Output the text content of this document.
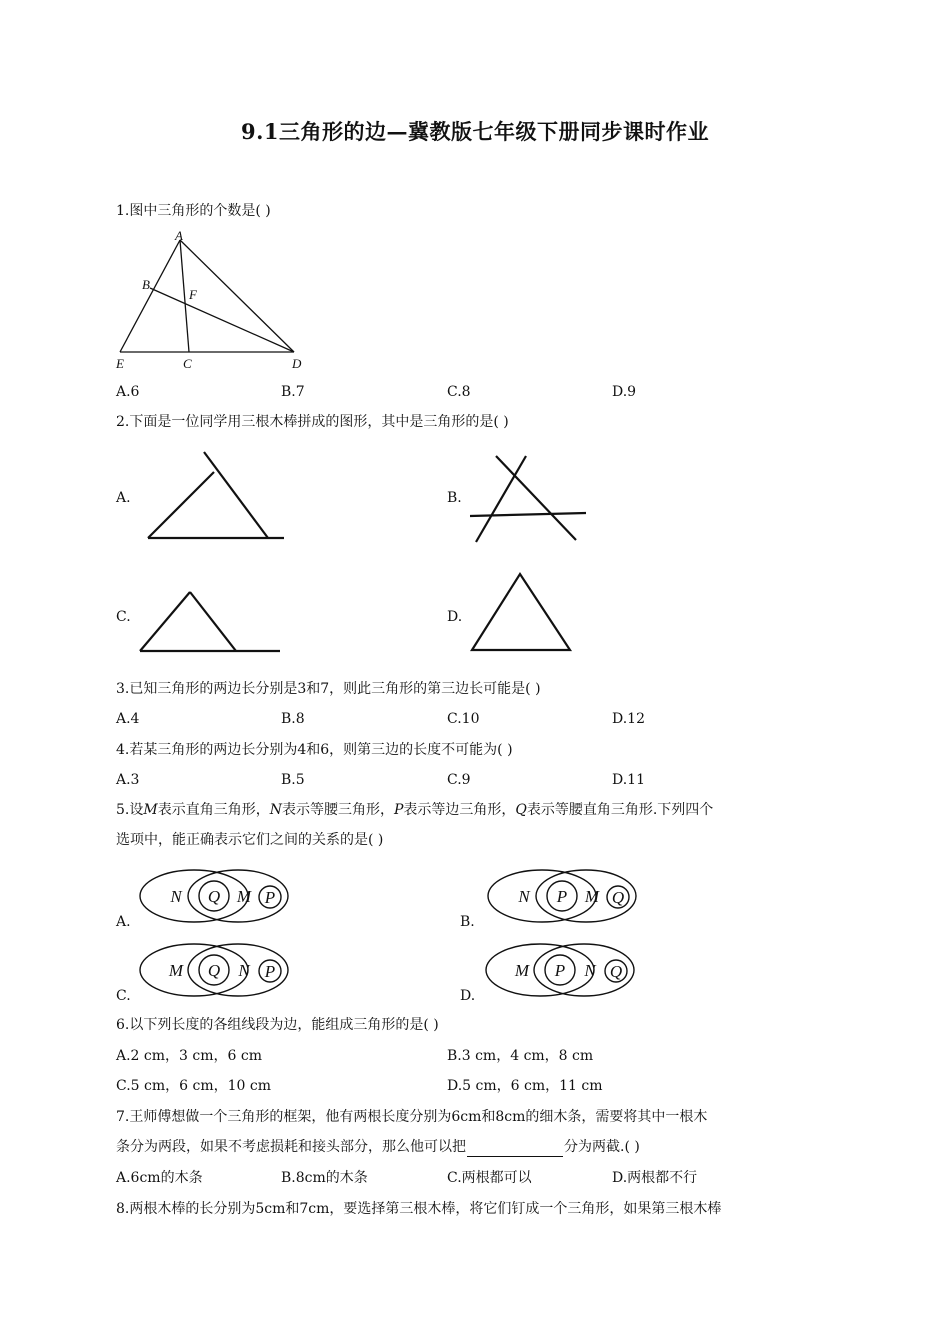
9.1三角形的边—冀教版七年级下册同步课时作业
1.图中三角形的个数是( )
A
B
F
E	C	D
A.6	B.7	C.8	D.9
2.下面是一位同学用三根木棒拼成的图形，其中是三角形的是( )
A.	B.
C.	D.
3.已知三角形的两边长分别是3和7，则此三角形的第三边长可能是( )
A.4	B.8	C.10	D.12
4.若某三角形的两边长分别为4和6，则第三边的长度不可能为( )
A.3	B.5	C.9	D.11
5.设M表示直角三角形，N表示等腰三角形，P表示等边三角形，Q表示等腰直角三角形.下列四个
选项中，能正确表示它们之间的关系的是( )
A.
N Q M P
B.
N P M Q
C.
M Q N P
D.
M P N Q
6.以下列长度的各组线段为边，能组成三角形的是( )
A.2 cm，3 cm，6 cm	B.3 cm，4 cm，8 cm
C.5 cm，6 cm，10 cm	D.5 cm，6 cm，11 cm
7.王师傅想做一个三角形的框架，他有两根长度分别为6cm和8cm的细木条，需要将其中一根木
条分为两段，如果不考虑损耗和接头部分，那么他可以把	分为两截.( )
A.6cm的木条	B.8cm的木条	C.两根都可以	D.两根都不行
8.两根木棒的长分别为5cm和7cm，要选择第三根木棒，将它们钉成一个三角形，如果第三根木棒
